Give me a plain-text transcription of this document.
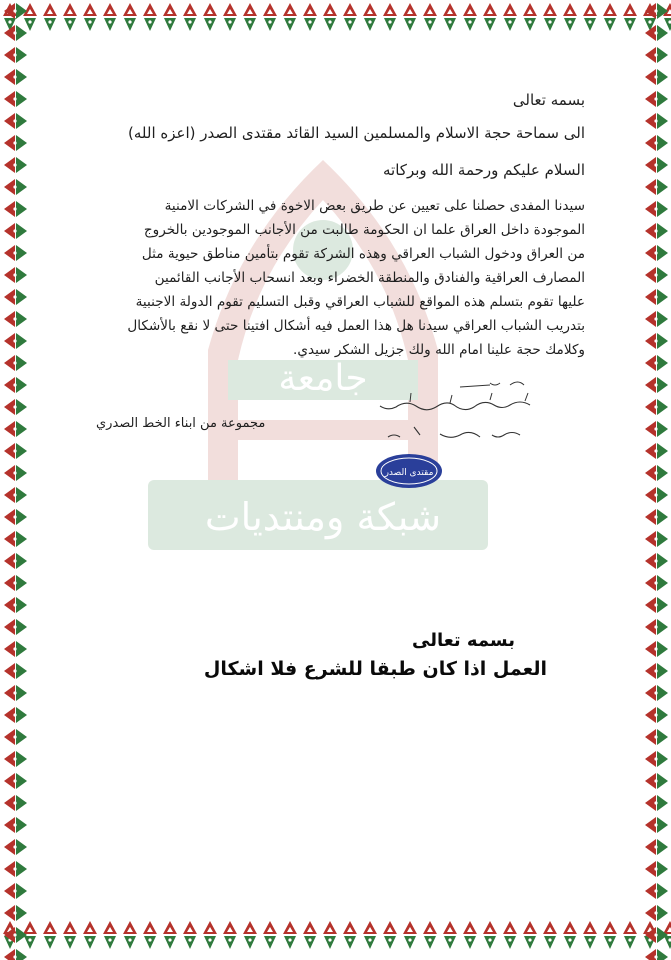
جامعة
شبكة ومنتديات
بسمه تعالى
الى سماحة حجة الاسلام والمسلمين السيد القائد مقتدى الصدر (اعزه الله)
السلام عليكم ورحمة الله وبركاته
سيدنا المفدى حصلنا على تعيين عن طريق بعض الاخوة في الشركات الامنية
الموجودة داخل العراق علما ان الحكومة طالبت من الأجانب الموجودين بالخروج
من العراق ودخول الشباب العراقي وهذه الشركة تقوم بتأمين مناطق حيوية مثل
المصارف العراقية والفنادق والمنطقة الخضراء وبعد انسحاب الأجانب القائمين
عليها تقوم بتسلم هذه المواقع للشباب العراقي وقبل التسليم تقوم الدولة الاجنبية
بتدريب الشباب العراقي سيدنا هل هذا العمل فيه أشكال افتينا حتى لا نقع بالأشكال
وكلامك حجة علينا امام الله ولك جزيل الشكر سيدي.
مقتدى الصدر
مجموعة من ابناء الخط الصدري
بسمه تعالى
العمل اذا كان طبقا للشرع فلا اشكال
